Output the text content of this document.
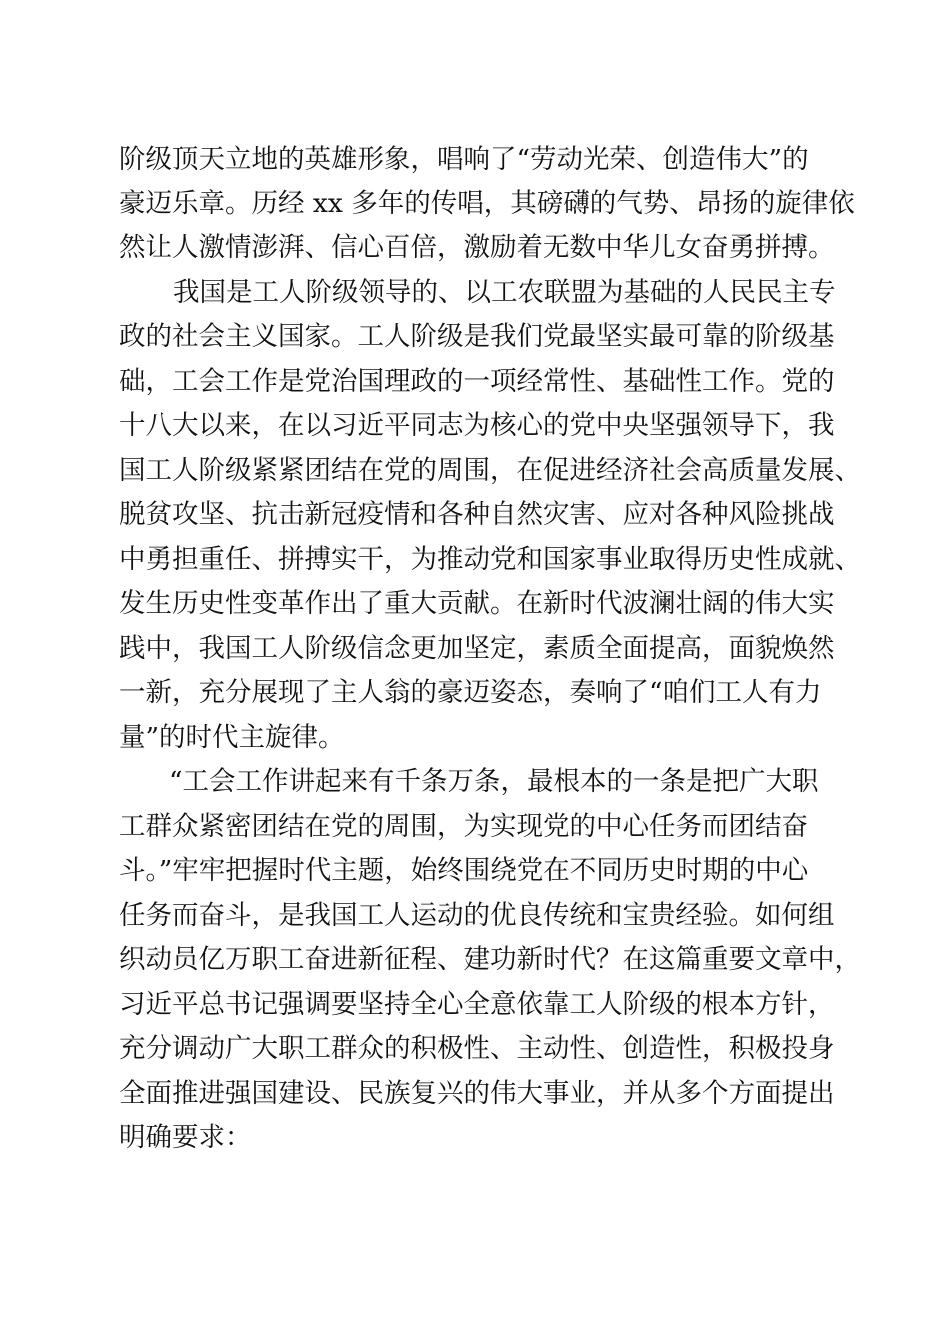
阶级顶天立地的英雄形象，唱响了“劳动光荣、创造伟大”的
豪迈乐章。历经 xx 多年的传唱，其磅礴的气势、昂扬的旋律依
然让人激情澎湃、信心百倍，激励着无数中华儿女奋勇拼搏。
我国是工人阶级领导的、以工农联盟为基础的人民民主专
政的社会主义国家。工人阶级是我们党最坚实最可靠的阶级基
础，工会工作是党治国理政的一项经常性、基础性工作。党的
十八大以来，在以习近平同志为核心的党中央坚强领导下，我
国工人阶级紧紧团结在党的周围，在促进经济社会高质量发展、
脱贫攻坚、抗击新冠疫情和各种自然灾害、应对各种风险挑战
中勇担重任、拼搏实干，为推动党和国家事业取得历史性成就、
发生历史性变革作出了重大贡献。在新时代波澜壮阔的伟大实
践中，我国工人阶级信念更加坚定，素质全面提高，面貌焕然
一新，充分展现了主人翁的豪迈姿态，奏响了“咱们工人有力
量”的时代主旋律。
“工会工作讲起来有千条万条，最根本的一条是把广大职
工群众紧密团结在党的周围，为实现党的中心任务而团结奋
斗。”牢牢把握时代主题，始终围绕党在不同历史时期的中心
任务而奋斗，是我国工人运动的优良传统和宝贵经验。如何组
织动员亿万职工奋进新征程、建功新时代？在这篇重要文章中，
习近平总书记强调要坚持全心全意依靠工人阶级的根本方针，
充分调动广大职工群众的积极性、主动性、创造性，积极投身
全面推进强国建设、民族复兴的伟大事业，并从多个方面提出
明确要求：
